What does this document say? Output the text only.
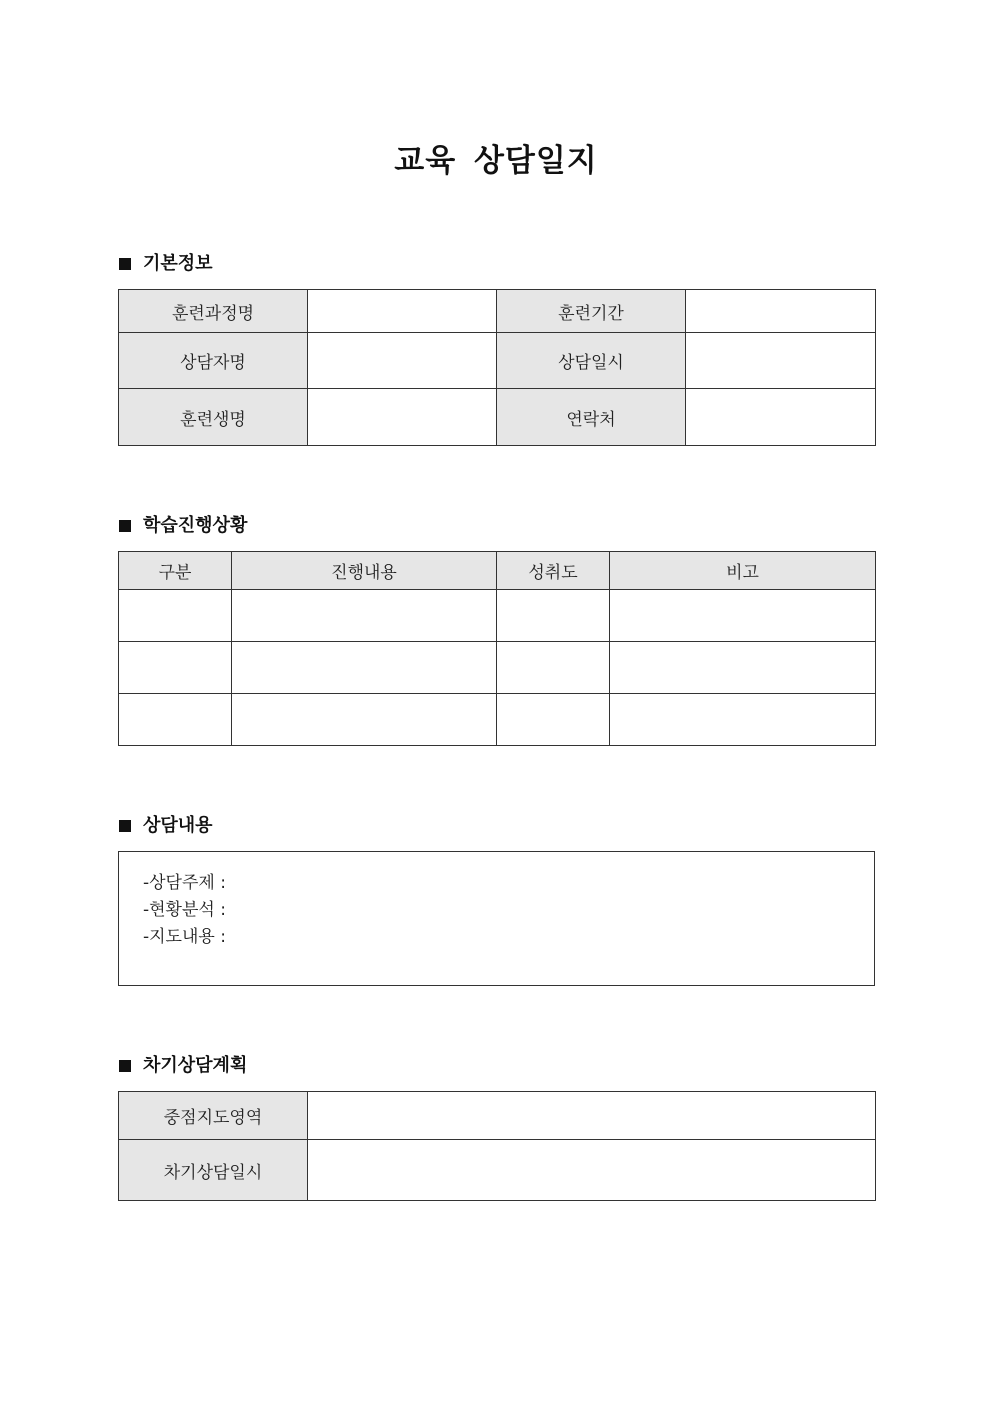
교육 상담일지
기본정보
훈련과정명		훈련기간	
상담자명		상담일시	
훈련생명		연락처	
학습진행상황
구분	진행내용	성취도	비고

상담내용
-상담주제 :
-현황분석 :
-지도내용 :
차기상담계획
중점지도영역	
차기상담일시	
